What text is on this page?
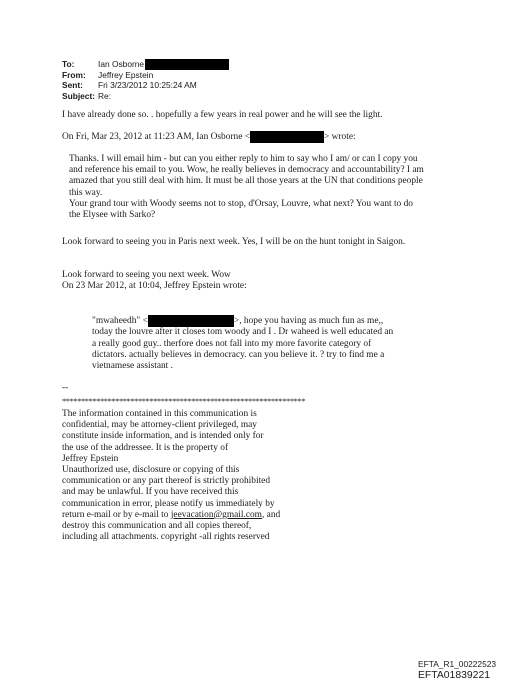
To:	Ian Osborne
From:	Jeffrey Epstein
Sent:	Fri 3/23/2012 10:25:24 AM
Subject: Re:
I have already done so. . hopefully a few years in real power and he will see the light.
On Fri, Mar 23, 2012 at 11:23 AM, Ian Osborne <	> wrote:
Thanks. I will email him - but can you either reply to him to say who I am/ or can I copy you
and reference his email to you. Wow, he really believes in democracy and accountability? I am
amazed that you still deal with him. It must be all those years at the UN that conditions people
this way.
Your grand tour with Woody seems not to stop, d'Orsay, Louvre, what next? You want to do
the Elysee with Sarko?
Look forward to seeing you in Paris next week. Yes, I will be on the hunt tonight in Saigon.
Look forward to seeing you next week. Wow
On 23 Mar 2012, at 10:04, Jeffrey Epstein wrote:
"mwaheedh" <	>, hope you having as much fun as me,,
today the louvre after it closes tom woody and I . Dr waheed is well educated an
a really good guy.. therfore does not fall into my more favorite category of
dictators. actually believes in democracy. can you believe it. ? try to find me a
vietnamese assistant .
--
****************************************************************
The information contained in this communication is
confidential, may be attorney-client privileged, may
constitute inside information, and is intended only for
the use of the addressee. It is the property of
Jeffrey Epstein
Unauthorized use, disclosure or copying of this
communication or any part thereof is strictly prohibited
and may be unlawful. If you have received this
communication in error, please notify us immediately by
return e-mail or by e-mail to jeevacation@gmail.com, and
destroy this communication and all copies thereof,
including all attachments. copyright -all rights reserved
EFTA_R1_00222523
EFTA01839221
